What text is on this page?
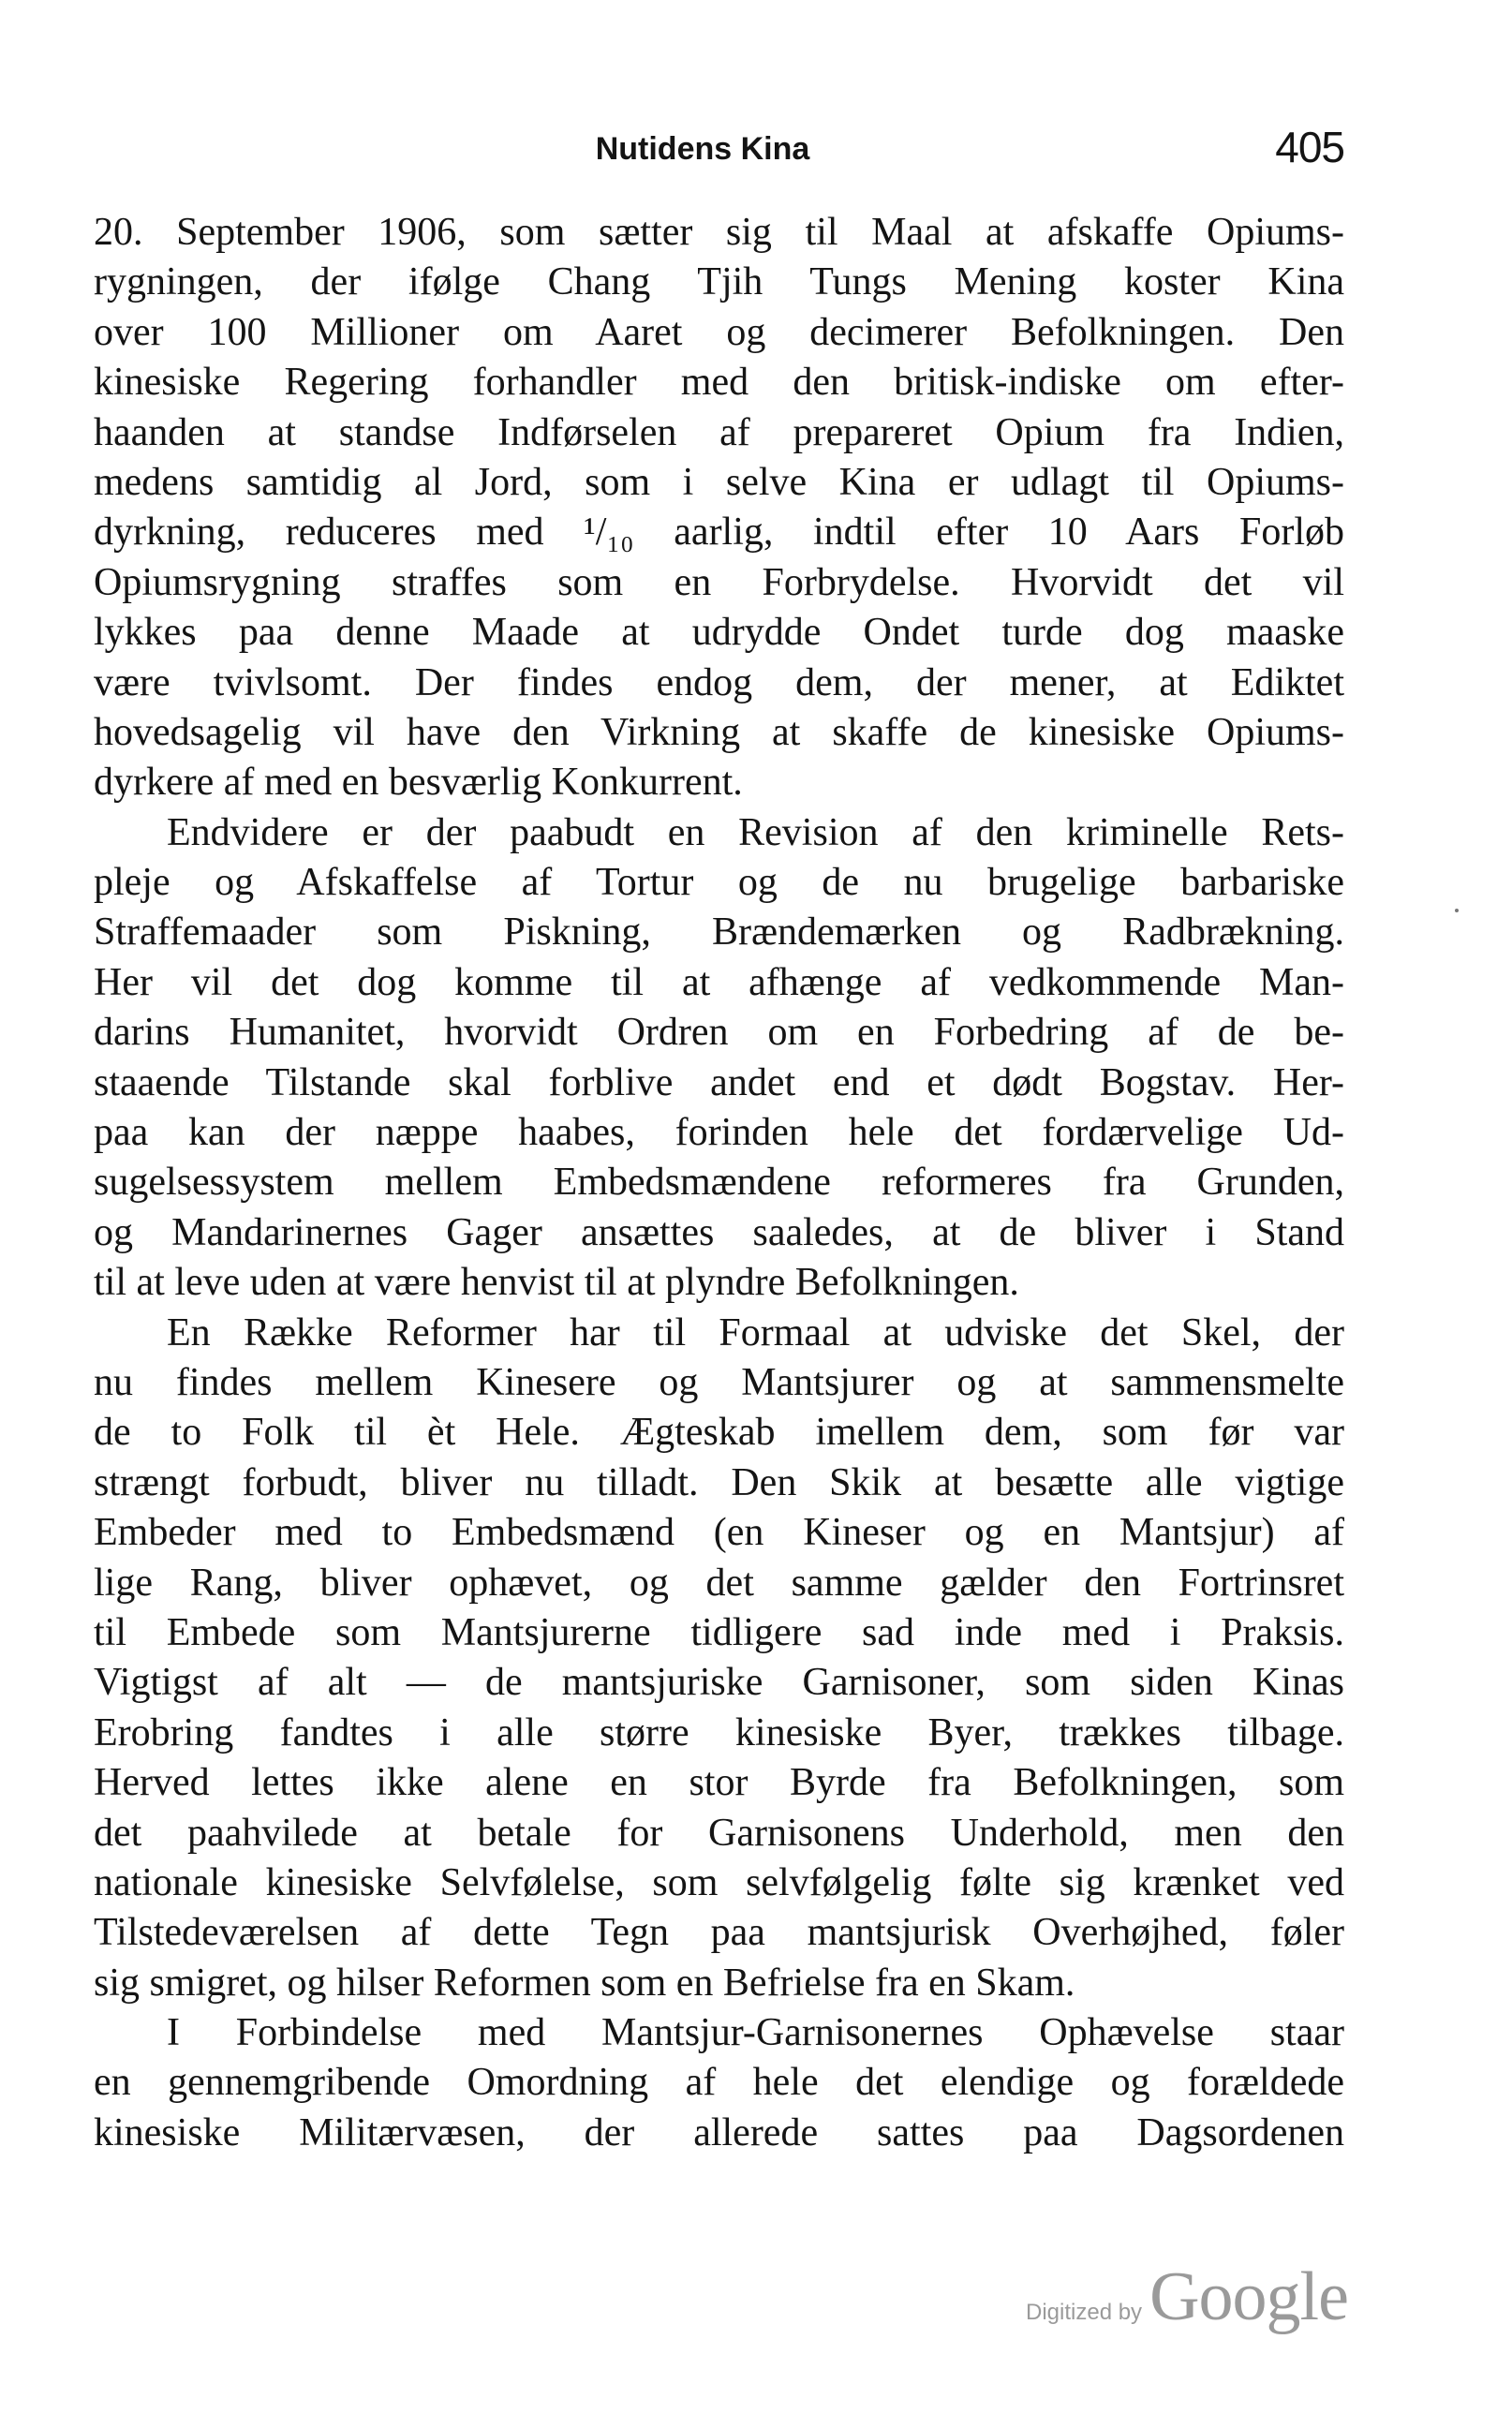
Nutidens Kina	405
20. September 1906, som sætter sig til Maal at afskaffe Opiums-
rygningen, der ifølge Chang Tjih Tungs Mening koster Kina
over 100 Millioner om Aaret og decimerer Befolkningen. Den
kinesiske Regering forhandler med den britisk-indiske om efter-
haanden at standse Indførselen af prepareret Opium fra Indien,
medens samtidig al Jord, som i selve Kina er udlagt til Opiums-
dyrkning, reduceres med ¹/₁₀ aarlig, indtil efter 10 Aars Forløb
Opiumsrygning straffes som en Forbrydelse. Hvorvidt det vil
lykkes paa denne Maade at udrydde Ondet turde dog maaske
være tvivlsomt. Der findes endog dem, der mener, at Ediktet
hovedsagelig vil have den Virkning at skaffe de kinesiske Opiums-
dyrkere af med en besværlig Konkurrent.
Endvidere er der paabudt en Revision af den kriminelle Rets-
pleje og Afskaffelse af Tortur og de nu brugelige barbariske
Straffemaader som Piskning, Brændemærken og Radbrækning.
Her vil det dog komme til at afhænge af vedkommende Man-
darins Humanitet, hvorvidt Ordren om en Forbedring af de be-
staaende Tilstande skal forblive andet end et dødt Bogstav. Her-
paa kan der næppe haabes, forinden hele det fordærvelige Ud-
sugelsessystem mellem Embedsmændene reformeres fra Grunden,
og Mandarinernes Gager ansættes saaledes, at de bliver i Stand
til at leve uden at være henvist til at plyndre Befolkningen.
En Række Reformer har til Formaal at udviske det Skel, der
nu findes mellem Kinesere og Mantsjurer og at sammensmelte
de to Folk til èt Hele. Ægteskab imellem dem, som før var
strængt forbudt, bliver nu tilladt. Den Skik at besætte alle vigtige
Embeder med to Embedsmænd (en Kineser og en Mantsjur) af
lige Rang, bliver ophævet, og det samme gælder den Fortrinsret
til Embede som Mantsjurerne tidligere sad inde med i Praksis.
Vigtigst af alt — de mantsjuriske Garnisoner, som siden Kinas
Erobring fandtes i alle større kinesiske Byer, trækkes tilbage.
Herved lettes ikke alene en stor Byrde fra Befolkningen, som
det paahvilede at betale for Garnisonens Underhold, men den
nationale kinesiske Selvfølelse, som selvfølgelig følte sig krænket ved
Tilstedeværelsen af dette Tegn paa mantsjurisk Overhøjhed, føler
sig smigret, og hilser Reformen som en Befrielse fra en Skam.
I Forbindelse med Mantsjur-Garnisonernes Ophævelse staar
en gennemgribende Omordning af hele det elendige og forældede
kinesiske Militærvæsen, der allerede sattes paa Dagsordenen
Digitized by Google
